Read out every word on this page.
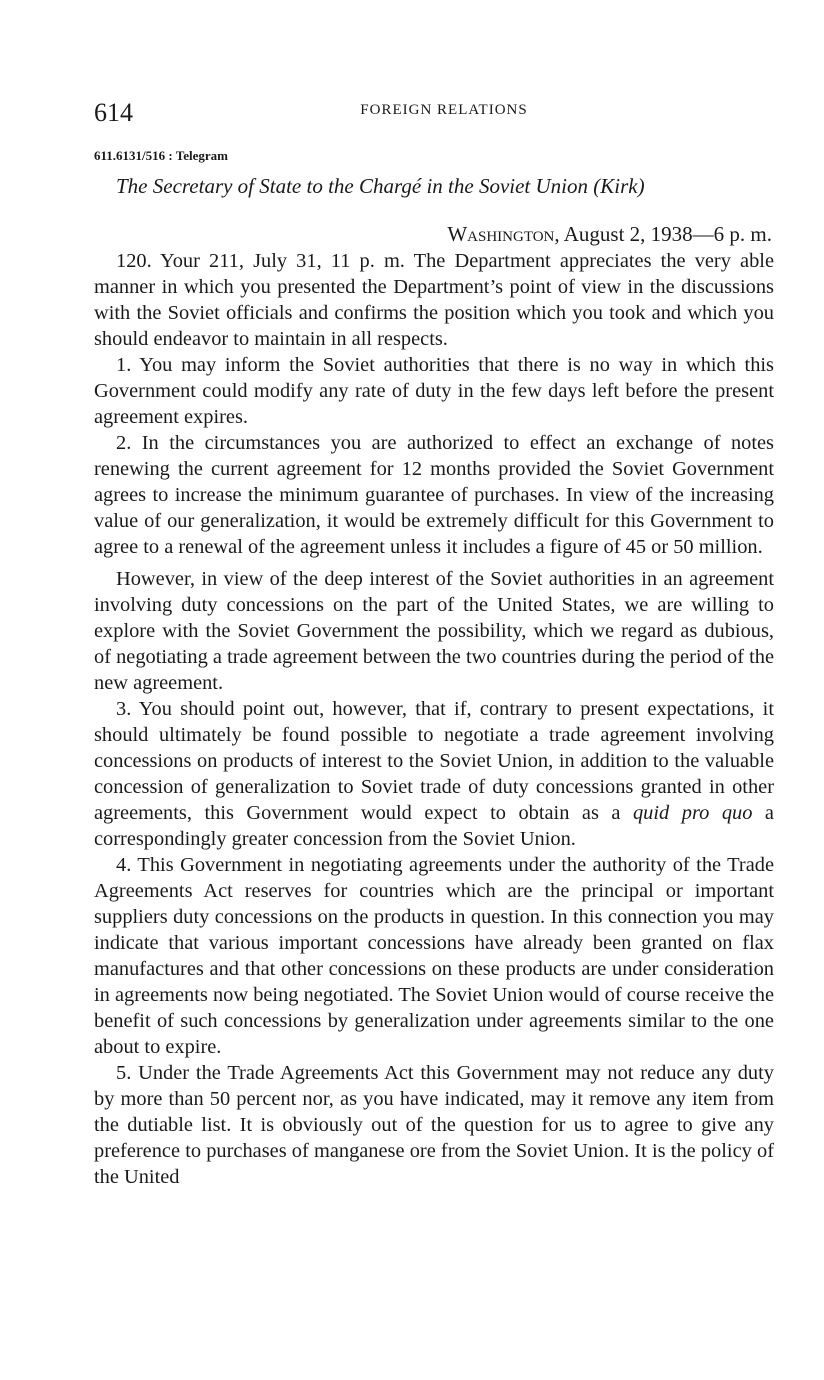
614	FOREIGN RELATIONS
611.6131/516 : Telegram
The Secretary of State to the Chargé in the Soviet Union (Kirk)
Washington, August 2, 1938—6 p. m.

120. Your 211, July 31, 11 p. m. The Department appreciates the very able manner in which you presented the Department’s point of view in the discussions with the Soviet officials and confirms the position which you took and which you should endeavor to maintain in all respects.

1. You may inform the Soviet authorities that there is no way in which this Government could modify any rate of duty in the few days left before the present agreement expires.

2. In the circumstances you are authorized to effect an exchange of notes renewing the current agreement for 12 months provided the Soviet Government agrees to increase the minimum guarantee of purchases. In view of the increasing value of our generalization, it would be extremely difficult for this Government to agree to a renewal of the agreement unless it includes a figure of 45 or 50 million.

However, in view of the deep interest of the Soviet authorities in an agreement involving duty concessions on the part of the United States, we are willing to explore with the Soviet Government the possibility, which we regard as dubious, of negotiating a trade agreement between the two countries during the period of the new agreement.

3. You should point out, however, that if, contrary to present expectations, it should ultimately be found possible to negotiate a trade agreement involving concessions on products of interest to the Soviet Union, in addition to the valuable concession of generalization to Soviet trade of duty concessions granted in other agreements, this Government would expect to obtain as a quid pro quo a correspondingly greater concession from the Soviet Union.

4. This Government in negotiating agreements under the authority of the Trade Agreements Act reserves for countries which are the principal or important suppliers duty concessions on the products in question. In this connection you may indicate that various important concessions have already been granted on flax manufactures and that other concessions on these products are under consideration in agreements now being negotiated. The Soviet Union would of course receive the benefit of such concessions by generalization under agreements similar to the one about to expire.

5. Under the Trade Agreements Act this Government may not reduce any duty by more than 50 percent nor, as you have indicated, may it remove any item from the dutiable list. It is obviously out of the question for us to agree to give any preference to purchases of manganese ore from the Soviet Union. It is the policy of the United
